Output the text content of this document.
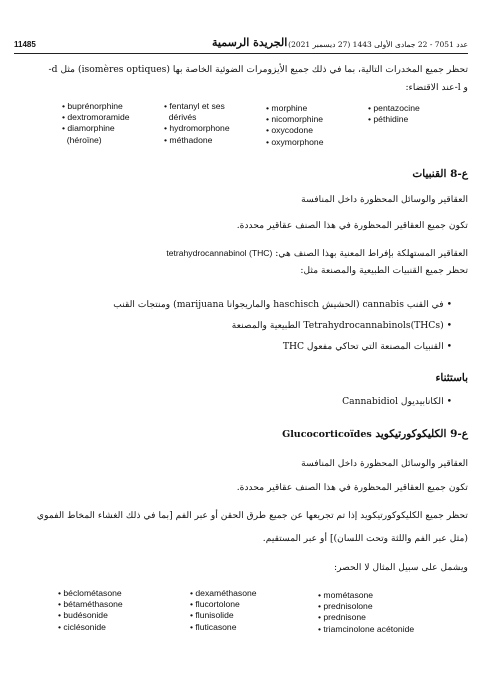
11485	الجريدة الرسمية عدد 7051 - 22 جمادى الأولى 1443 (27 ديسمبر 2021)
تحظر جميع المخدرات التالية، بما في ذلك جميع الأيزومرات الضوئية الخاصة بها (isomères optiques) مثل d-
و l-عند الاقتضاء:
• buprénorphine
• dextromoramide
• diamorphine
(héroïne)
• fentanyl et ses
dérivés
• hydromorphone
• méthadone
• morphine
• nicomorphine
• oxycodone
• oxymorphone
• pentazocine
• péthidine
ع-8 القنبيات
العقاقير والوسائل المحظورة داخل المنافسة
تكون جميع العقاقير المحظورة في هذا الصنف عقاقير محددة.
العقاقير المستهلكة بإفراط المعنية بهذا الصنف هي: tetrahydrocannabinol (THC)
تحظر جميع القنبيات الطبيعية والمصنعة مثل:
• في القنب cannabis (الحشيش haschisch والماريجوانا marijuana) ومنتجات القنب
• (THCs)Tetrahydrocannabinols الطبيعية والمصنعة
• القنبيات المصنعة التي تحاكي مفعول THC
باستثناء
• الكانابيديول Cannabidiol
ع-9 الكليكوكورتيكويد Glucocorticoïdes
العقاقير والوسائل المحظورة داخل المنافسة
تكون جميع العقاقير المحظورة في هذا الصنف عقاقير محددة.
تحظر جميع الكليكوكورتيكويد إذا تم تجريعها عن جميع طرق الحقن أو عبر الفم [بما في ذلك الغشاء المخاط الفموي
(مثل عبر الفم واللثة وتحت اللسان)] أو عبر المستقيم.
ويشمل على سبيل المثال لا الحصر:
• béclométasone
• bétaméthasone
• budésonide
• ciclésonide
• dexaméthasone
• flucortolone
• flunisolide
• fluticasone
• mométasone
• prednisolone
• prednisone
• triamcinolone acétonide
